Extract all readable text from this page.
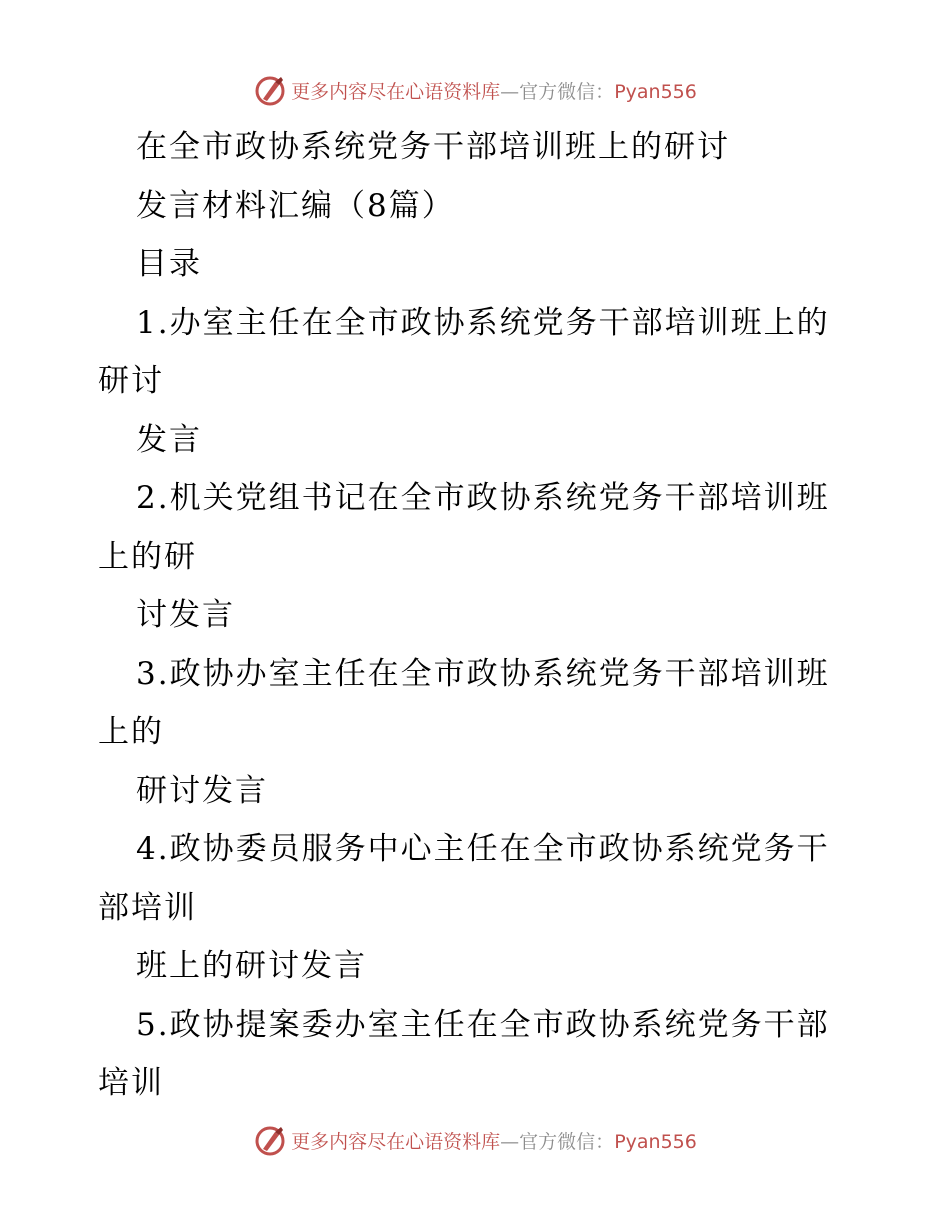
更多内容尽在心语资料库—官方微信：Pyan556
在全市政协系统党务干部培训班上的研讨
发言材料汇编（8篇）
目录
1.办室主任在全市政协系统党务干部培训班上的
研讨
发言
2.机关党组书记在全市政协系统党务干部培训班
上的研
讨发言
3.政协办室主任在全市政协系统党务干部培训班
上的
研讨发言
4.政协委员服务中心主任在全市政协系统党务干
部培训
班上的研讨发言
5.政协提案委办室主任在全市政协系统党务干部
培训
更多内容尽在心语资料库—官方微信：Pyan556
